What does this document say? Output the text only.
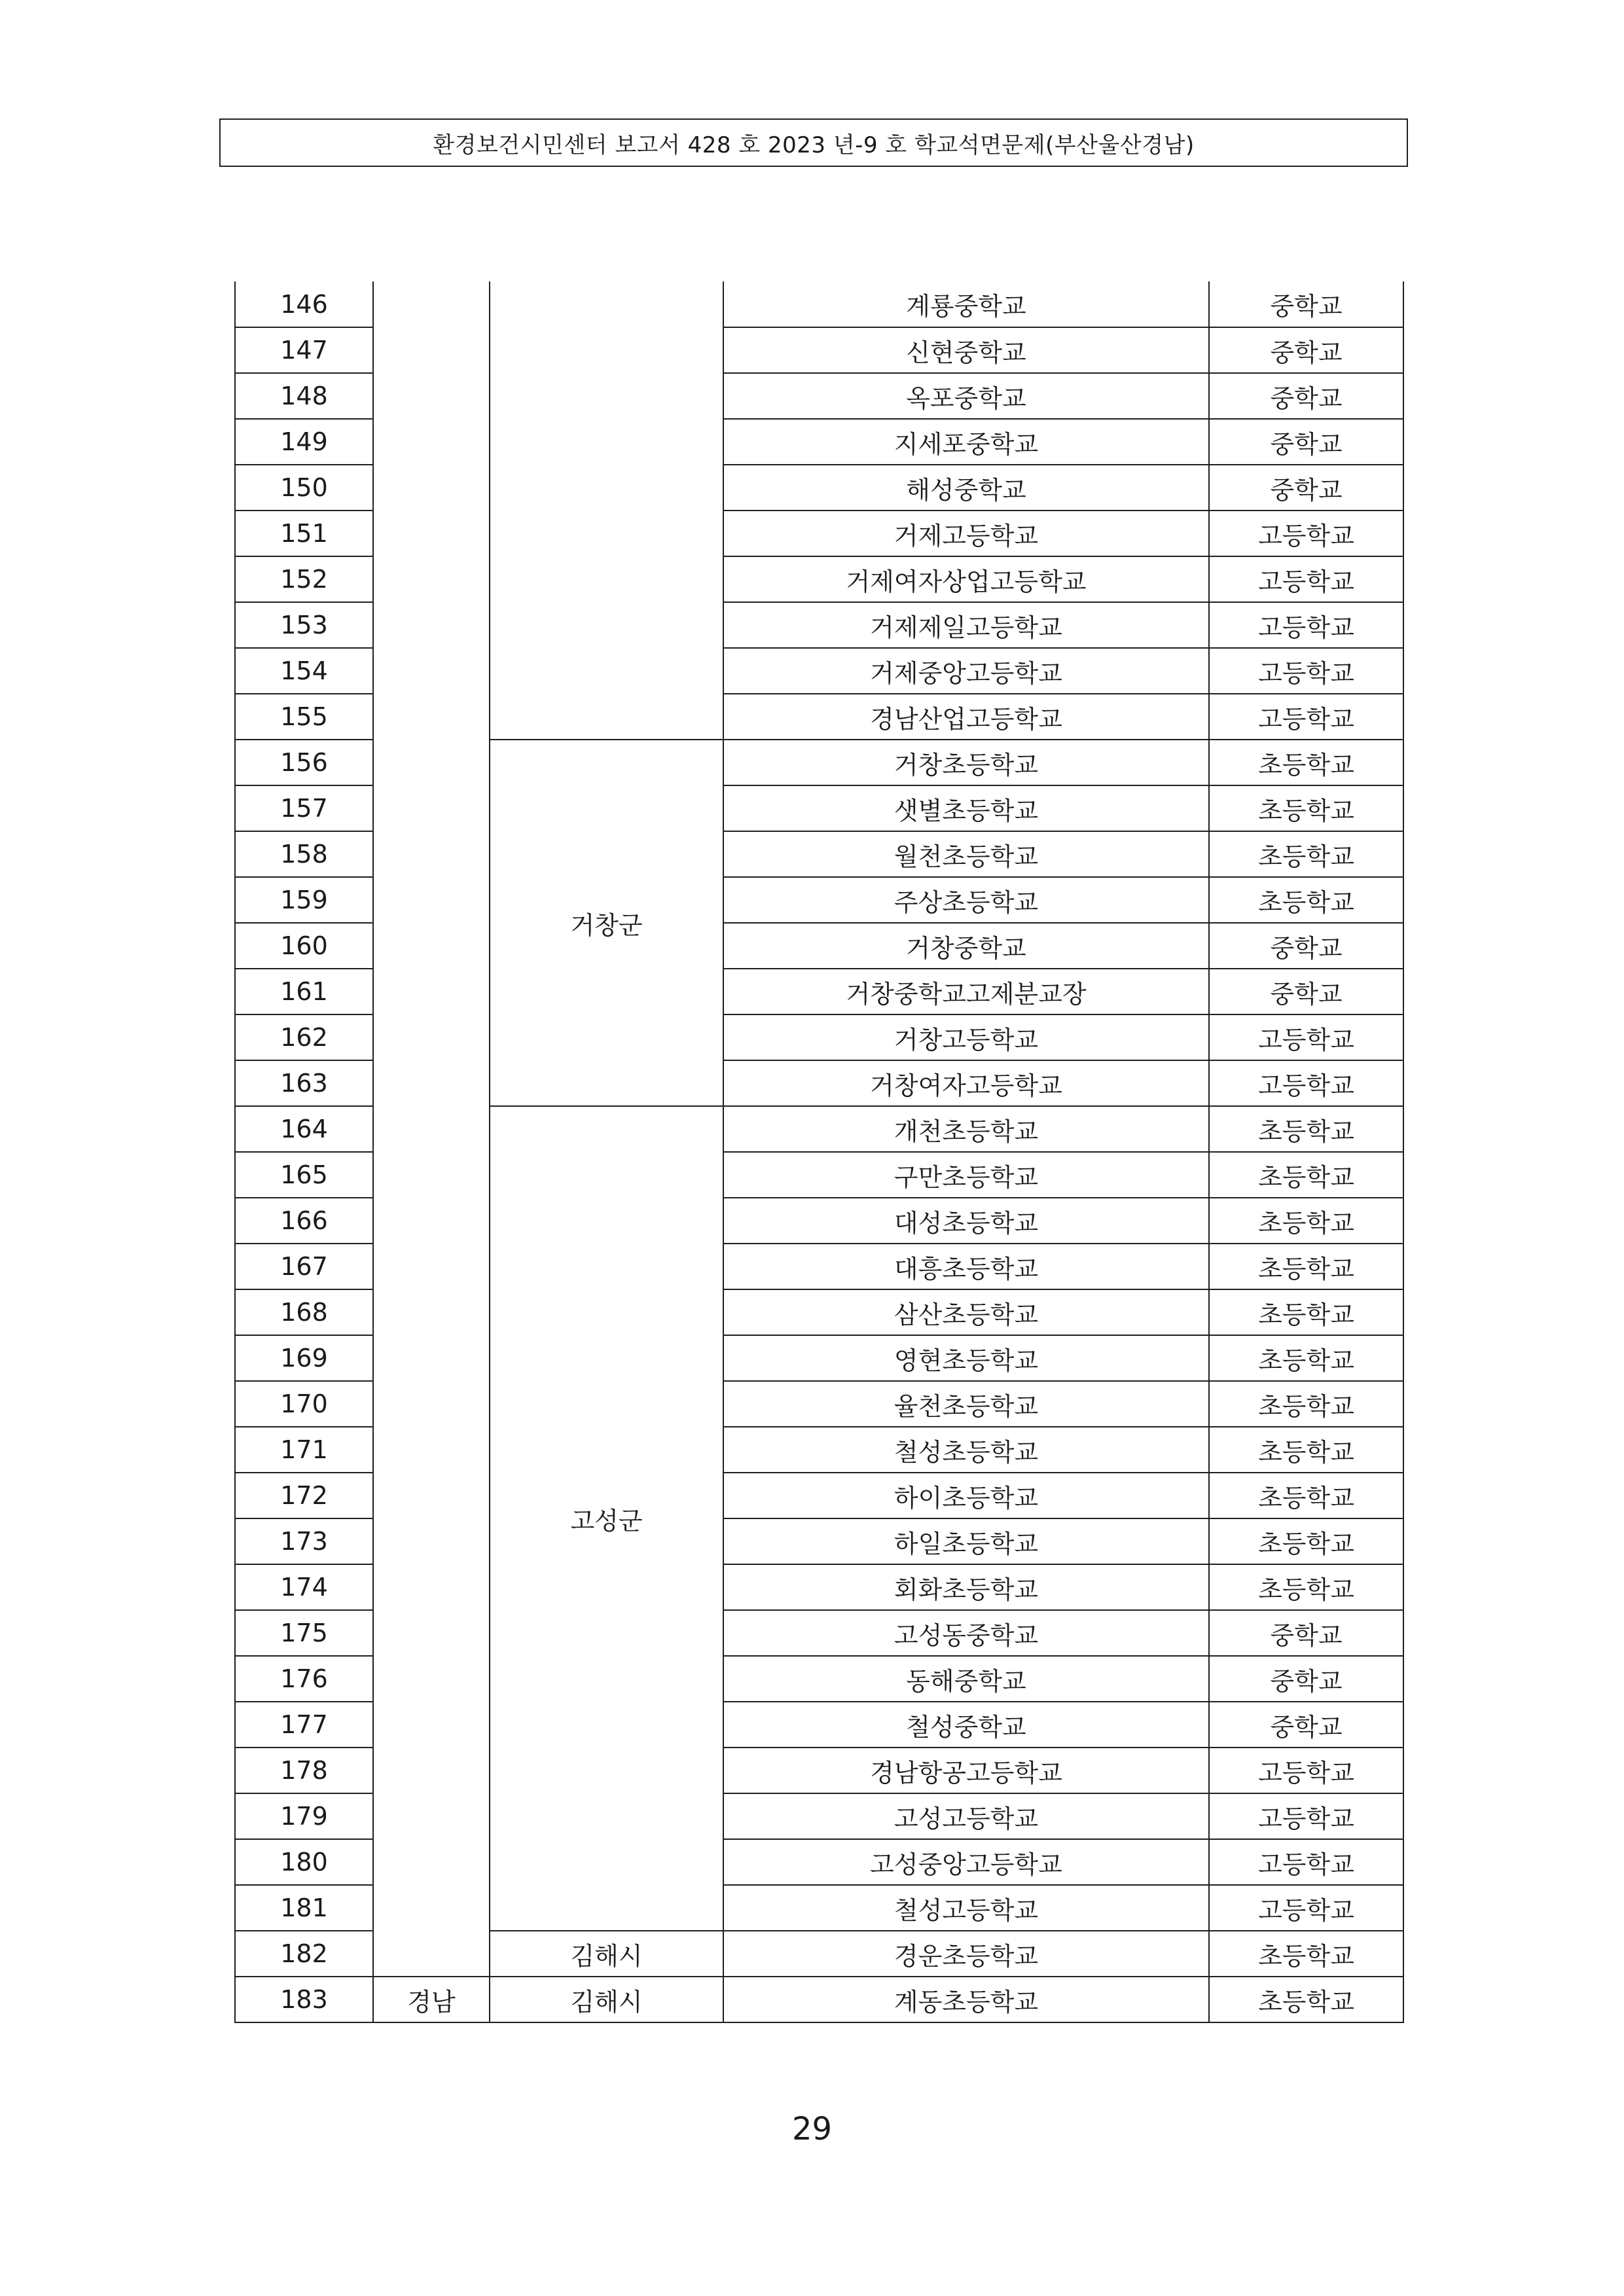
환경보건시민센터 보고서 428 호 2023 년-9 호 학교석면문제(부산울산경남)
146			계룡중학교	중학교
147			신현중학교	중학교
148			옥포중학교	중학교
149			지세포중학교	중학교
150			해성중학교	중학교
151			거제고등학교	고등학교
152			거제여자상업고등학교	고등학교
153			거제제일고등학교	고등학교
154			거제중앙고등학교	고등학교
155			경남산업고등학교	고등학교
156		거창군	거창초등학교	초등학교
157			샛별초등학교	초등학교
158			월천초등학교	초등학교
159			주상초등학교	초등학교
160			거창중학교	중학교
161			거창중학교고제분교장	중학교
162			거창고등학교	고등학교
163			거창여자고등학교	고등학교
164		고성군	개천초등학교	초등학교
165			구만초등학교	초등학교
166			대성초등학교	초등학교
167			대흥초등학교	초등학교
168			삼산초등학교	초등학교
169			영현초등학교	초등학교
170			율천초등학교	초등학교
171			철성초등학교	초등학교
172			하이초등학교	초등학교
173			하일초등학교	초등학교
174			회화초등학교	초등학교
175			고성동중학교	중학교
176			동해중학교	중학교
177			철성중학교	중학교
178			경남항공고등학교	고등학교
179			고성고등학교	고등학교
180			고성중앙고등학교	고등학교
181			철성고등학교	고등학교
182		김해시	경운초등학교	초등학교
183	경남	김해시	계동초등학교	초등학교
29
